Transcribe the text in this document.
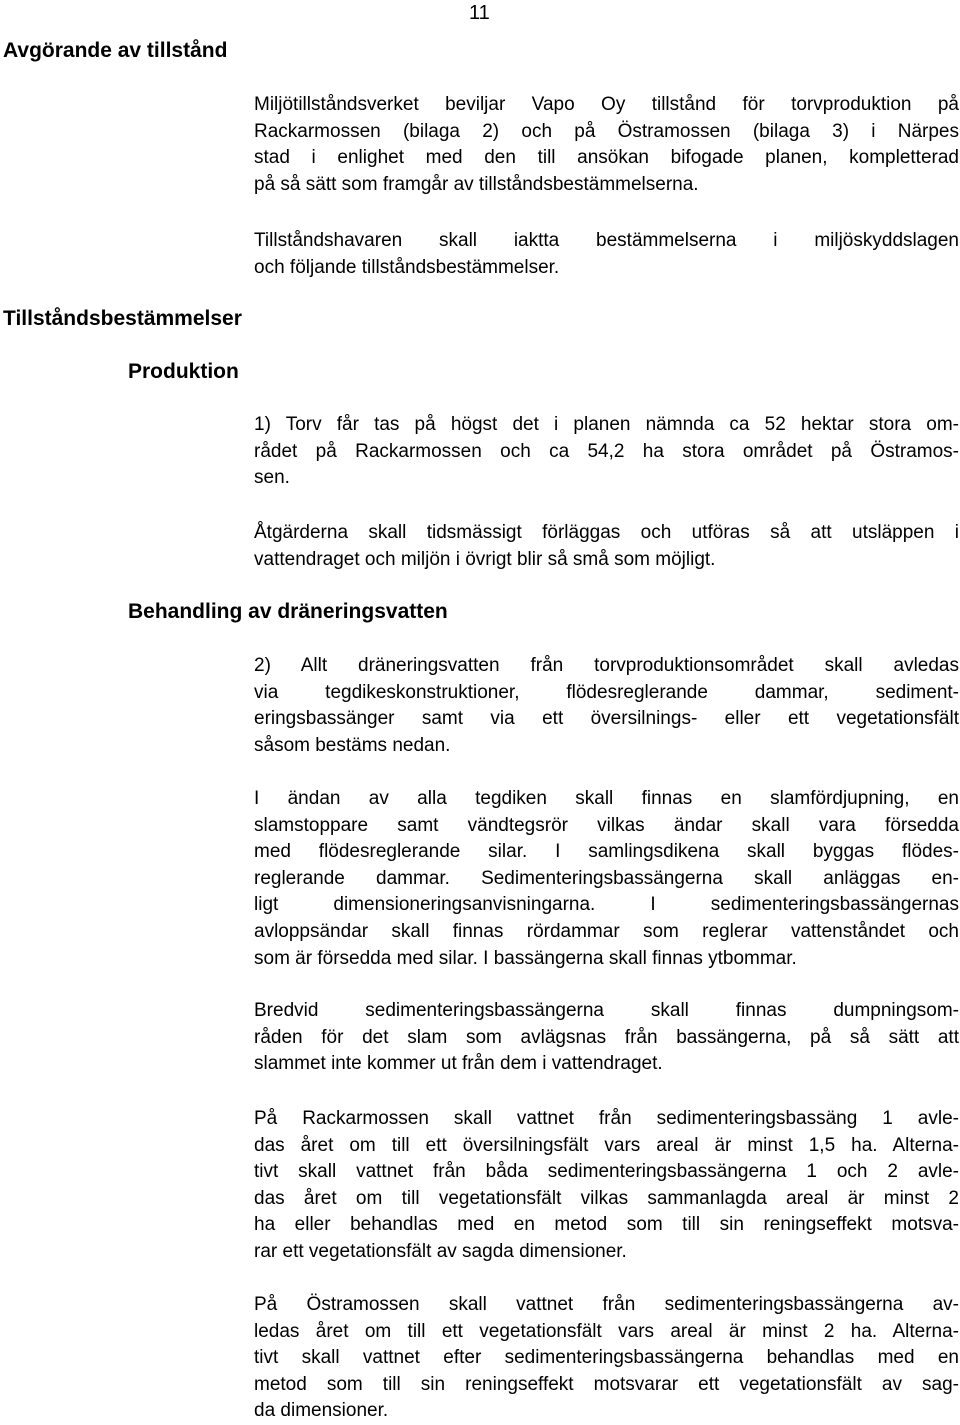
11
Avgörande av tillstånd
Tillståndsbestämmelser
Produktion
Behandling av dräneringsvatten
Miljötillståndsverket beviljar Vapo Oy tillstånd för torvproduktion på
Rackarmossen (bilaga 2) och på Östramossen (bilaga 3) i Närpes
stad i enlighet med den till ansökan bifogade planen, kompletterad
på så sätt som framgår av tillståndsbestämmelserna.
Tillståndshavaren skall iaktta bestämmelserna i miljöskyddslagen
och följande tillståndsbestämmelser.
1) Torv får tas på högst det i planen nämnda ca 52 hektar stora om-
rådet på Rackarmossen och ca 54,2 ha stora området på Östramos-
sen.
Åtgärderna skall tidsmässigt förläggas och utföras så att utsläppen i
vattendraget och miljön i övrigt blir så små som möjligt.
2) Allt dräneringsvatten från torvproduktionsområdet skall avledas
via tegdikeskonstruktioner, flödesreglerande dammar, sediment-
eringsbassänger samt via ett översilnings- eller ett vegetationsfält
såsom bestäms nedan.
I ändan av alla tegdiken skall finnas en slamfördjupning, en
slamstoppare samt vändtegsrör vilkas ändar skall vara försedda
med flödesreglerande silar. I samlingsdikena skall byggas flödes-
reglerande dammar. Sedimenteringsbassängerna skall anläggas en-
ligt dimensioneringsanvisningarna. I sedimenteringsbassängernas
avloppsändar skall finnas rördammar som reglerar vattenståndet och
som är försedda med silar. I bassängerna skall finnas ytbommar.
Bredvid sedimenteringsbassängerna skall finnas dumpningsom-
råden för det slam som avlägsnas från bassängerna, på så sätt att
slammet inte kommer ut från dem i vattendraget.
På Rackarmossen skall vattnet från sedimenteringsbassäng 1 avle-
das året om till ett översilningsfält vars areal är minst 1,5 ha. Alterna-
tivt skall vattnet från båda sedimenteringsbassängerna 1 och 2 avle-
das året om till vegetationsfält vilkas sammanlagda areal är minst 2
ha eller behandlas med en metod som till sin reningseffekt motsva-
rar ett vegetationsfält av sagda dimensioner.
På Östramossen skall vattnet från sedimenteringsbassängerna av-
ledas året om till ett vegetationsfält vars areal är minst 2 ha. Alterna-
tivt skall vattnet efter sedimenteringsbassängerna behandlas med en
metod som till sin reningseffekt motsvarar ett vegetationsfält av sag-
da dimensioner.
